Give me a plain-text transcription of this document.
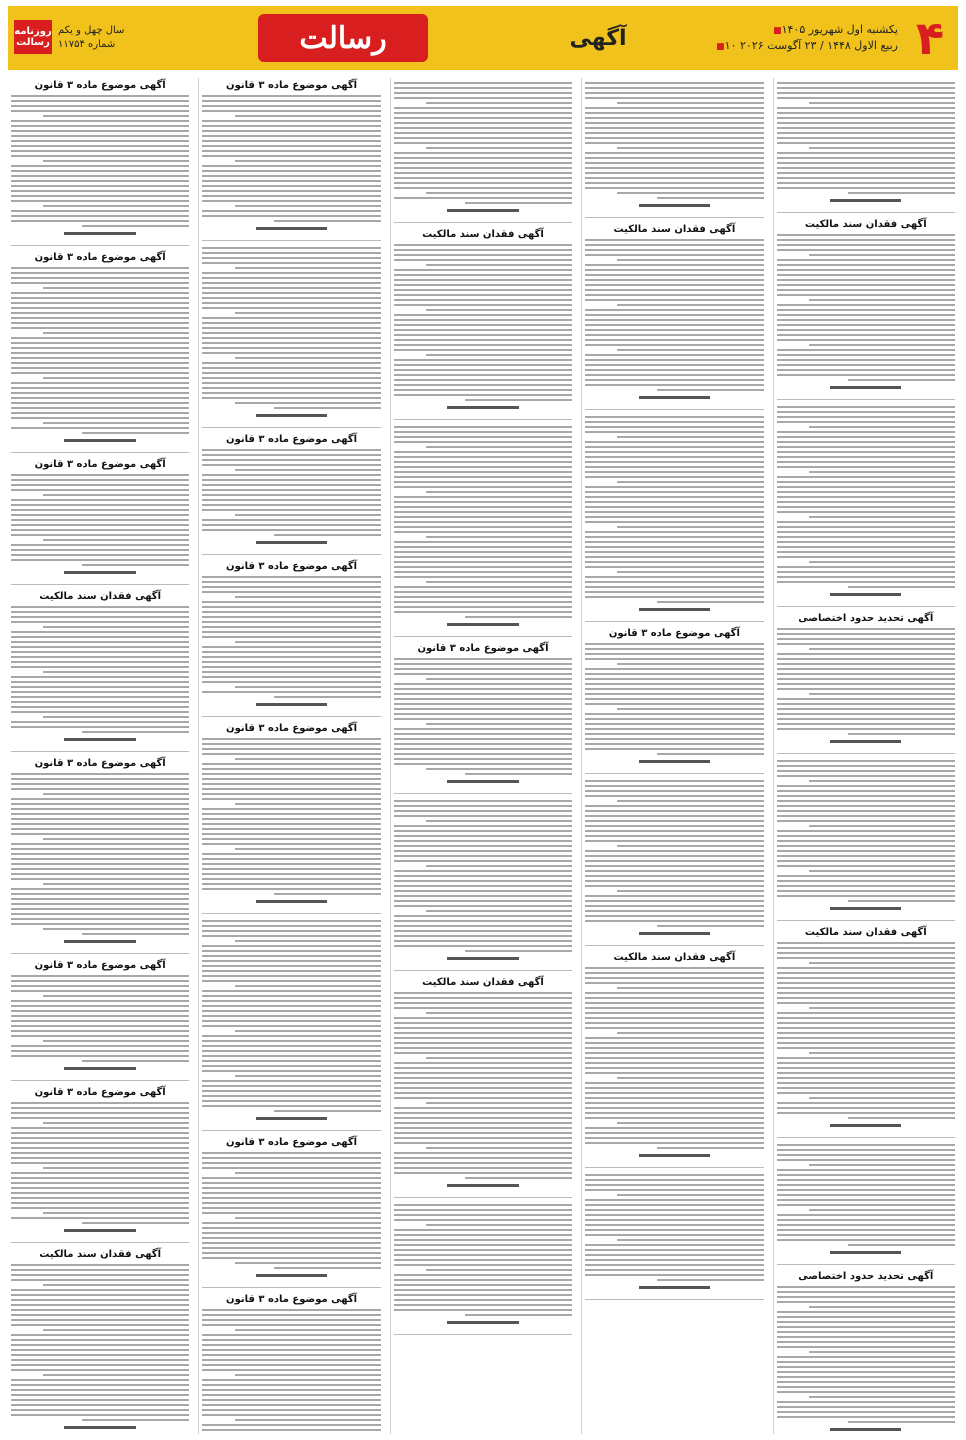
۴
■ یکشنبه اول شهریور ۱۴۰۵
■ ۱۰ ربیع الاول ۱۴۴۸ / ۲۳ آگوست ۲۰۲۶
آگهی
رسالت
روزنامه رسالت
سال چهل و یکم
شماره ۱۱۷۵۴
آگهی فقدان سند مالکیت
آگهی تحدید حدود اختصاصی
آگهی فقدان سند مالکیت
آگهی تحدید حدود اختصاصی
آگهی فقدان سند مالکیت
آگهی موضوع ماده ۳ قانون
آگهی فقدان سند مالکیت
آگهی فقدان سند مالکیت
آگهی موضوع ماده ۳ قانون
آگهی فقدان سند مالکیت
آگهی موضوع ماده ۳ قانون
آگهی موضوع ماده ۳ قانون
آگهی موضوع ماده ۳ قانون
آگهی موضوع ماده ۳ قانون
آگهی موضوع ماده ۳ قانون
آگهی موضوع ماده ۳ قانون
آگهی موضوع ماده ۳ قانون
آگهی موضوع ماده ۳ قانون
آگهی موضوع ماده ۳ قانون
آگهی فقدان سند مالکیت
آگهی موضوع ماده ۳ قانون
آگهی موضوع ماده ۳ قانون
آگهی موضوع ماده ۳ قانون
آگهی فقدان سند مالکیت
